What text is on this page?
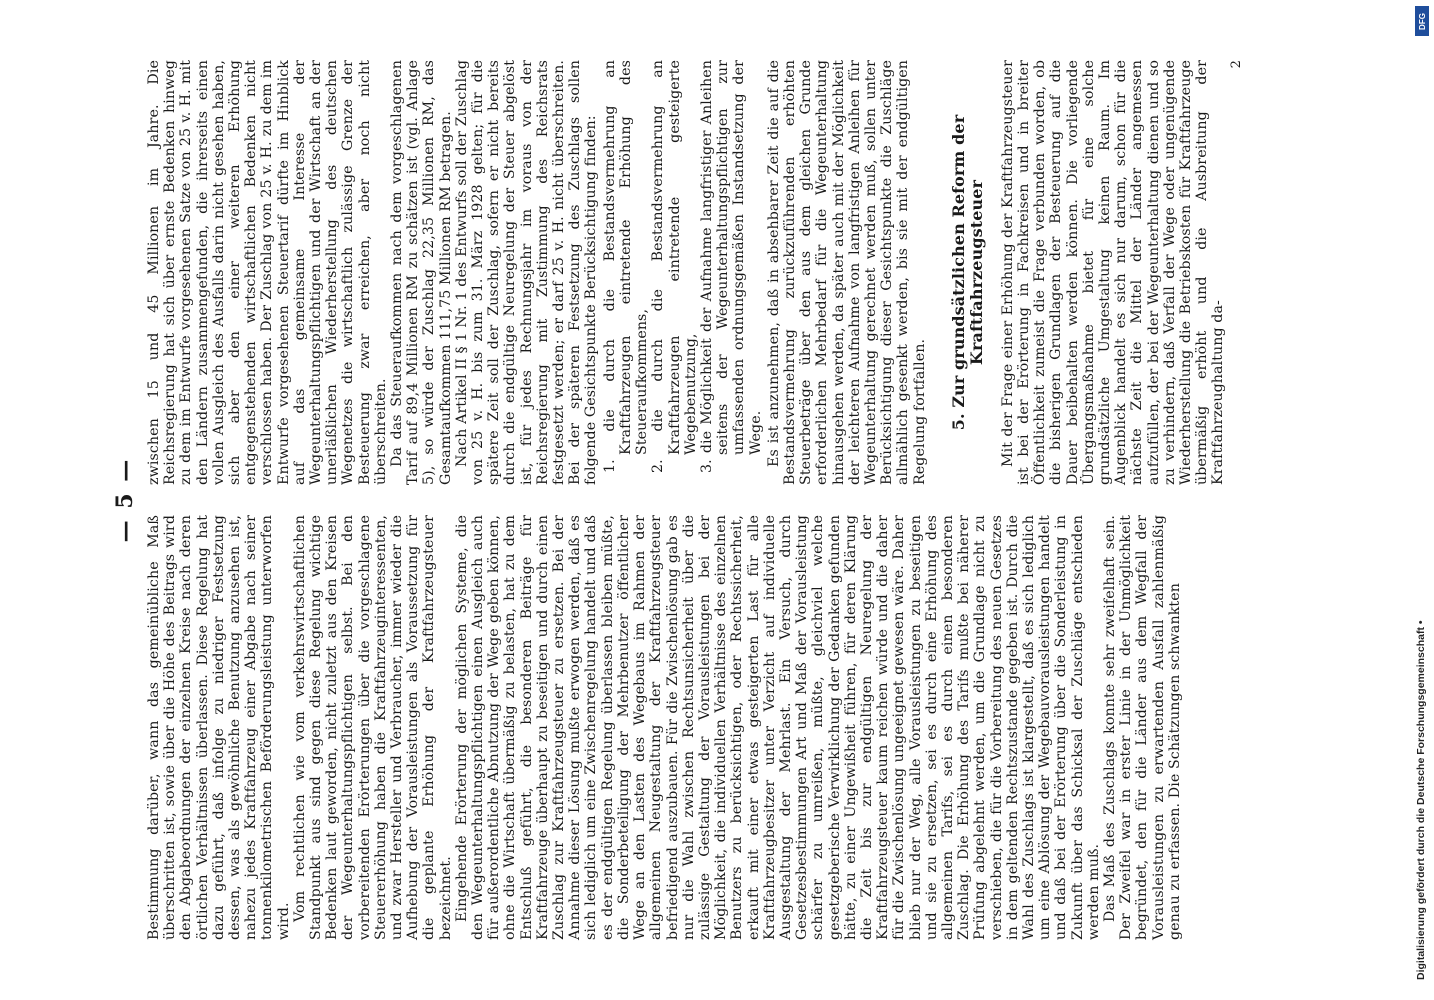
— 5 —

Bestimmung darüber, wann das gemeinübliche Maß überschritten ist, sowie über die Höhe des Beitrags wird den Abgabeordnungen der einzelnen Kreise nach deren örtlichen Verhältnissen überlassen. Diese Regelung hat dazu geführt, daß infolge zu niedriger Festsetzung dessen, was als gewöhnliche Benutzung anzusehen ist, nahezu jedes Kraftfahrzeug einer Abgabe nach seiner tonnenkilometrischen Beförderungsleistung unterworfen wird. Vom rechtlichen wie vom verkehrswirtschaftlichen Standpunkt aus sind gegen diese Regelung wichtige Bedenken laut geworden, nicht zuletzt aus den Kreisen der Wegeunterhaltungspflichtigen selbst. Bei den vorbereitenden Erörterungen über die vorgeschlagene Steuererhöhung haben die Kraftfahrzeuginteressenten, und zwar Hersteller und Verbraucher, immer wieder die Aufhebung der Vorausleistungen als Voraussetzung für die geplante Erhöhung der Kraftfahrzeugsteuer bezeichnet. Eingehende Erörterung der möglichen Systeme, die den Wegeunterhaltungspflichtigen einen Ausgleich auch für außerordentliche Abnutzung der Wege geben können, ohne die Wirtschaft übermäßig zu belasten, hat zu dem Entschluß geführt, die besonderen Beiträge für Kraftfahrzeuge überhaupt zu beseitigen und durch einen Zuschlag zur Kraftfahrzeugsteuer zu ersetzen. Bei der Annahme dieser Lösung mußte erwogen werden, daß es sich lediglich um eine Zwischenregelung handelt und daß es der endgültigen Regelung überlassen bleiben müßte, die Sonderbeteiligung der Mehrbenutzer öffentlicher Wege an den Lasten des Wegebaus im Rahmen der allgemeinen Neugestaltung der Kraftfahrzeugsteuer befriedigend auszubauen. Für die Zwischenlösung gab es nur die Wahl zwischen Rechtsunsicherheit über die zulässige Gestaltung der Vorausleistungen bei der Möglichkeit, die individuellen Verhältnisse des einzelnen Benutzers zu berücksichtigen, oder Rechtssicherheit, erkauft mit einer etwas gesteigerten Last für alle Kraftfahrzeugbesitzer unter Verzicht auf individuelle Ausgestaltung der Mehrlast. Ein Versuch, durch Gesetzesbestimmungen Art und Maß der Vorausleistung schärfer zu umreißen, müßte, gleichviel welche gesetzgeberische Verwirklichung der Gedanken gefunden hätte, zu einer Ungewißheit führen, für deren Klärung die Zeit bis zur endgültigen Neuregelung der Kraftfahrzeugsteuer kaum reichen würde und die daher für die Zwischenlösung ungeeignet gewesen wäre. Daher blieb nur der Weg, alle Vorausleistungen zu beseitigen und sie zu ersetzen, sei es durch eine Erhöhung des allgemeinen Tarifs, sei es durch einen besonderen Zuschlag. Die Erhöhung des Tarifs mußte bei näherer Prüfung abgelehnt werden, um die Grundlage nicht zu verschieben, die für die Vorbereitung des neuen Gesetzes in dem geltenden Rechtszustande gegeben ist. Durch die Wahl des Zuschlags ist klargestellt, daß es sich lediglich um eine Ablösung der Wegebauvorausleistungen handelt und daß bei der Erörterung über die Sonderleistung in Zukunft über das Schicksal der Zuschläge entschieden werden muß. Das Maß des Zuschlags konnte sehr zweifelhaft sein. Der Zweifel war in erster Linie in der Unmöglichkeit begründet, den für die Länder aus dem Wegfall der Vorausleistungen zu erwartenden Ausfall zahlenmäßig genau zu erfassen. Die Schätzungen schwankten

zwischen 15 und 45 Millionen im Jahre. Die Reichsregierung hat sich über ernste Bedenken hinweg zu dem im Entwurfe vorgesehenen Satze von 25 v. H. mit den Ländern zusammengefunden, die ihrerseits einen vollen Ausgleich des Ausfalls darin nicht gesehen haben, sich aber den einer weiteren Erhöhung entgegenstehenden wirtschaftlichen Bedenken nicht verschlossen haben. Der Zuschlag von 25 v. H. zu dem im Entwurfe vorgesehenen Steuertarif dürfte im Hinblick auf das gemeinsame Interesse der Wegeunterhaltungspflichtigen und der Wirtschaft an der unerläßlichen Wiederherstellung des deutschen Wegenetzes die wirtschaftlich zulässige Grenze der Besteuerung zwar erreichen, aber noch nicht überschreiten. Da das Steueraufkommen nach dem vorgeschlagenen Tarif auf 89,4 Millionen RM zu schätzen ist (vgl. Anlage 5), so würde der Zuschlag 22,35 Millionen RM, das Gesamtaufkommen 111,75 Millionen RM betragen. Nach Artikel II § 1 Nr. 1 des Entwurfs soll der Zuschlag von 25 v. H. bis zum 31. März 1928 gelten; für die spätere Zeit soll der Zuschlag, sofern er nicht bereits durch die endgültige Neuregelung der Steuer abgelöst ist, für jedes Rechnungsjahr im voraus von der Reichsregierung mit Zustimmung des Reichsrats festgesetzt werden; er darf 25 v. H. nicht überschreiten. Bei der späteren Festsetzung des Zuschlags sollen folgende Gesichtspunkte Berücksichtigung finden: 1. die durch die Bestandsvermehrung an Kraftfahrzeugen eintretende Erhöhung des Steueraufkommens, 2. die durch die Bestandsvermehrung an Kraftfahrzeugen eintretende gesteigerte Wegebenutzung, 3. die Möglichkeit der Aufnahme langfristiger Anleihen seitens der Wegeunterhaltungspflichtigen zur umfassenden ordnungsgemäßen Instandsetzung der Wege. Es ist anzunehmen, daß in absehbarer Zeit die auf die Bestandsvermehrung zurückzuführenden erhöhten Steuerbeträge über den aus dem gleichen Grunde erforderlichen Mehrbedarf für die Wegeunterhaltung hinausgehen werden, da später auch mit der Möglichkeit der leichteren Aufnahme von langfristigen Anleihen für Wegeunterhaltung gerechnet werden muß, sollen unter Berücksichtigung dieser Gesichtspunkte die Zuschläge allmählich gesenkt werden, bis sie mit der endgültigen Regelung fortfallen. 5. Zur grundsätzlichen Reform der Kraftfahrzeugsteuer Mit der Frage einer Erhöhung der Kraftfahrzeugsteuer ist bei der Erörterung in Fachkreisen und in breiter Öffentlichkeit zumeist die Frage verbunden worden, ob die bisherigen Grundlagen der Besteuerung auf die Dauer beibehalten werden können. Die vorliegende Übergangsmaßnahme bietet für eine solche grundsätzliche Umgestaltung keinen Raum. Im Augenblick handelt es sich nur darum, schon für die nächste Zeit die Mittel der Länder angemessen aufzufüllen, der bei der Wegeunterhaltung dienen und so zu verhindern, daß Verfall der Wege oder ungenügende Wiederherstellung die Betriebskosten für Kraftfahrzeuge übermäßig erhöht und die Ausbreitung der Kraftfahrzeughaltung da-

2
DFG
Digitalisierung gefördert durch die Deutsche Forschungsgemeinschaft •
